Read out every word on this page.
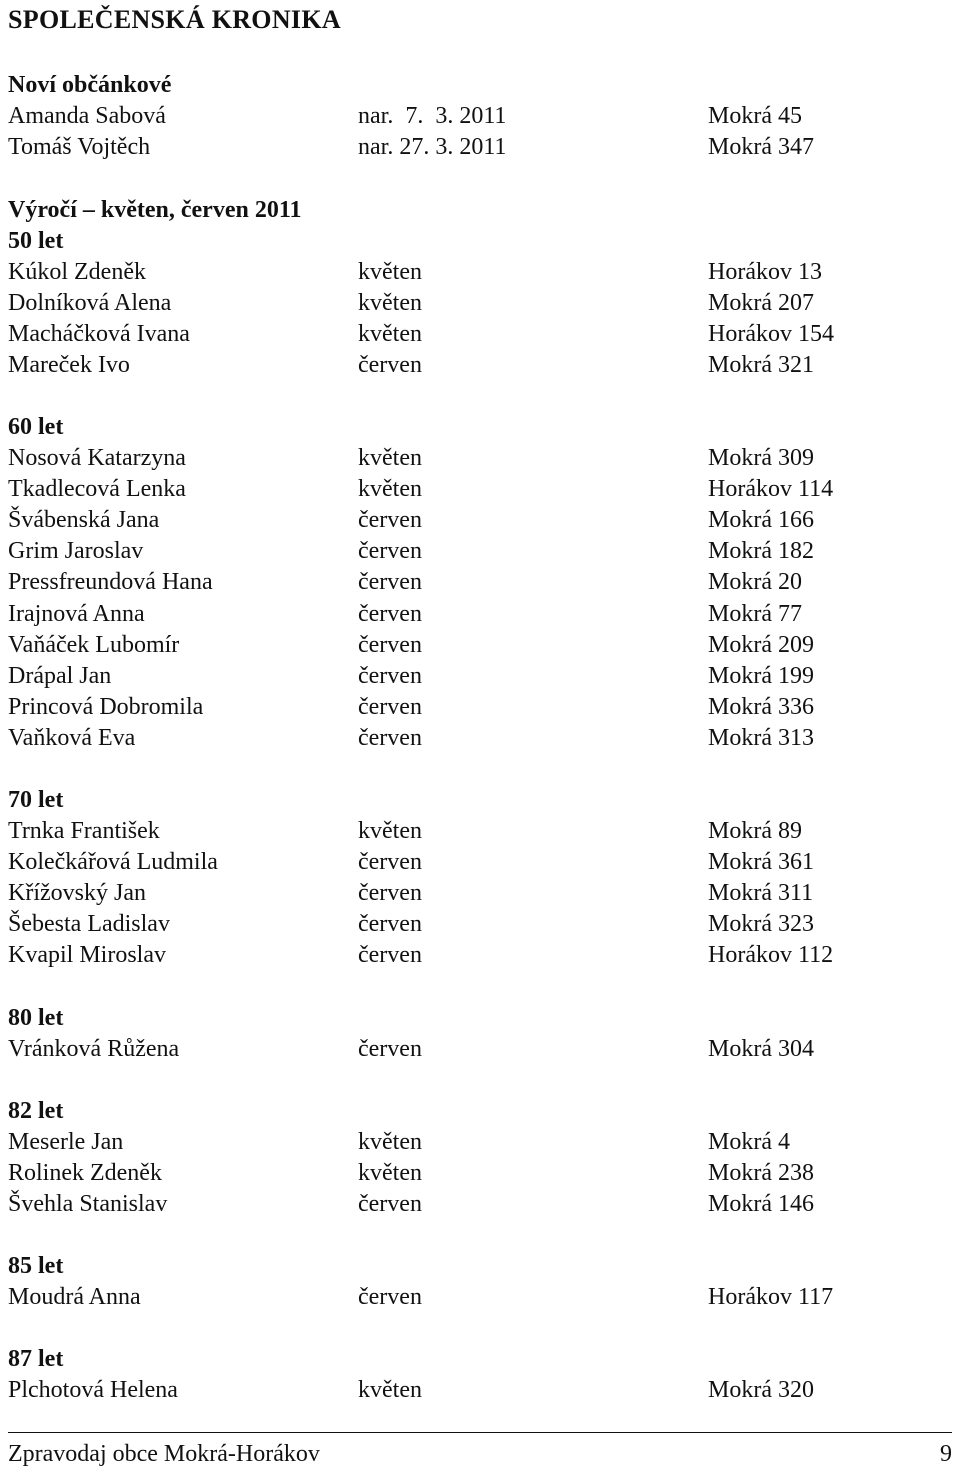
SPOLEČENSKÁ KRONIKA
Noví občánkové
Amanda Sabová	nar.  7.  3. 2011	Mokrá 45
Tomáš Vojtěch	nar. 27. 3. 2011	Mokrá 347
Výročí – květen, červen 2011
50 let
Kúkol Zdeněk	květen	Horákov 13
Dolníková Alena	květen	Mokrá 207
Macháčková Ivana	květen	Horákov 154
Mareček Ivo	červen	Mokrá 321
60 let
Nosová Katarzyna	květen	Mokrá 309
Tkadlecová Lenka	květen	Horákov 114
Švábenská Jana	červen	Mokrá 166
Grim Jaroslav	červen	Mokrá 182
Pressfreundová Hana	červen	Mokrá 20
Irajnová Anna	červen	Mokrá 77
Vaňáček Lubomír	červen	Mokrá 209
Drápal Jan	červen	Mokrá 199
Princová Dobromila	červen	Mokrá 336
Vaňková Eva	červen	Mokrá 313
70 let
Trnka František	květen	Mokrá 89
Kolečkářová Ludmila	červen	Mokrá 361
Křížovský Jan	červen	Mokrá 311
Šebesta Ladislav	červen	Mokrá 323
Kvapil Miroslav	červen	Horákov 112
80 let
Vránková Růžena	červen	Mokrá 304
82 let
Meserle Jan	květen	Mokrá 4
Rolinek Zdeněk	květen	Mokrá 238
Švehla Stanislav	červen	Mokrá 146
85 let
Moudrá Anna	červen	Horákov 117
87 let
Plchotová Helena	květen	Mokrá 320
Zpravodaj obce Mokrá-Horákov	9
